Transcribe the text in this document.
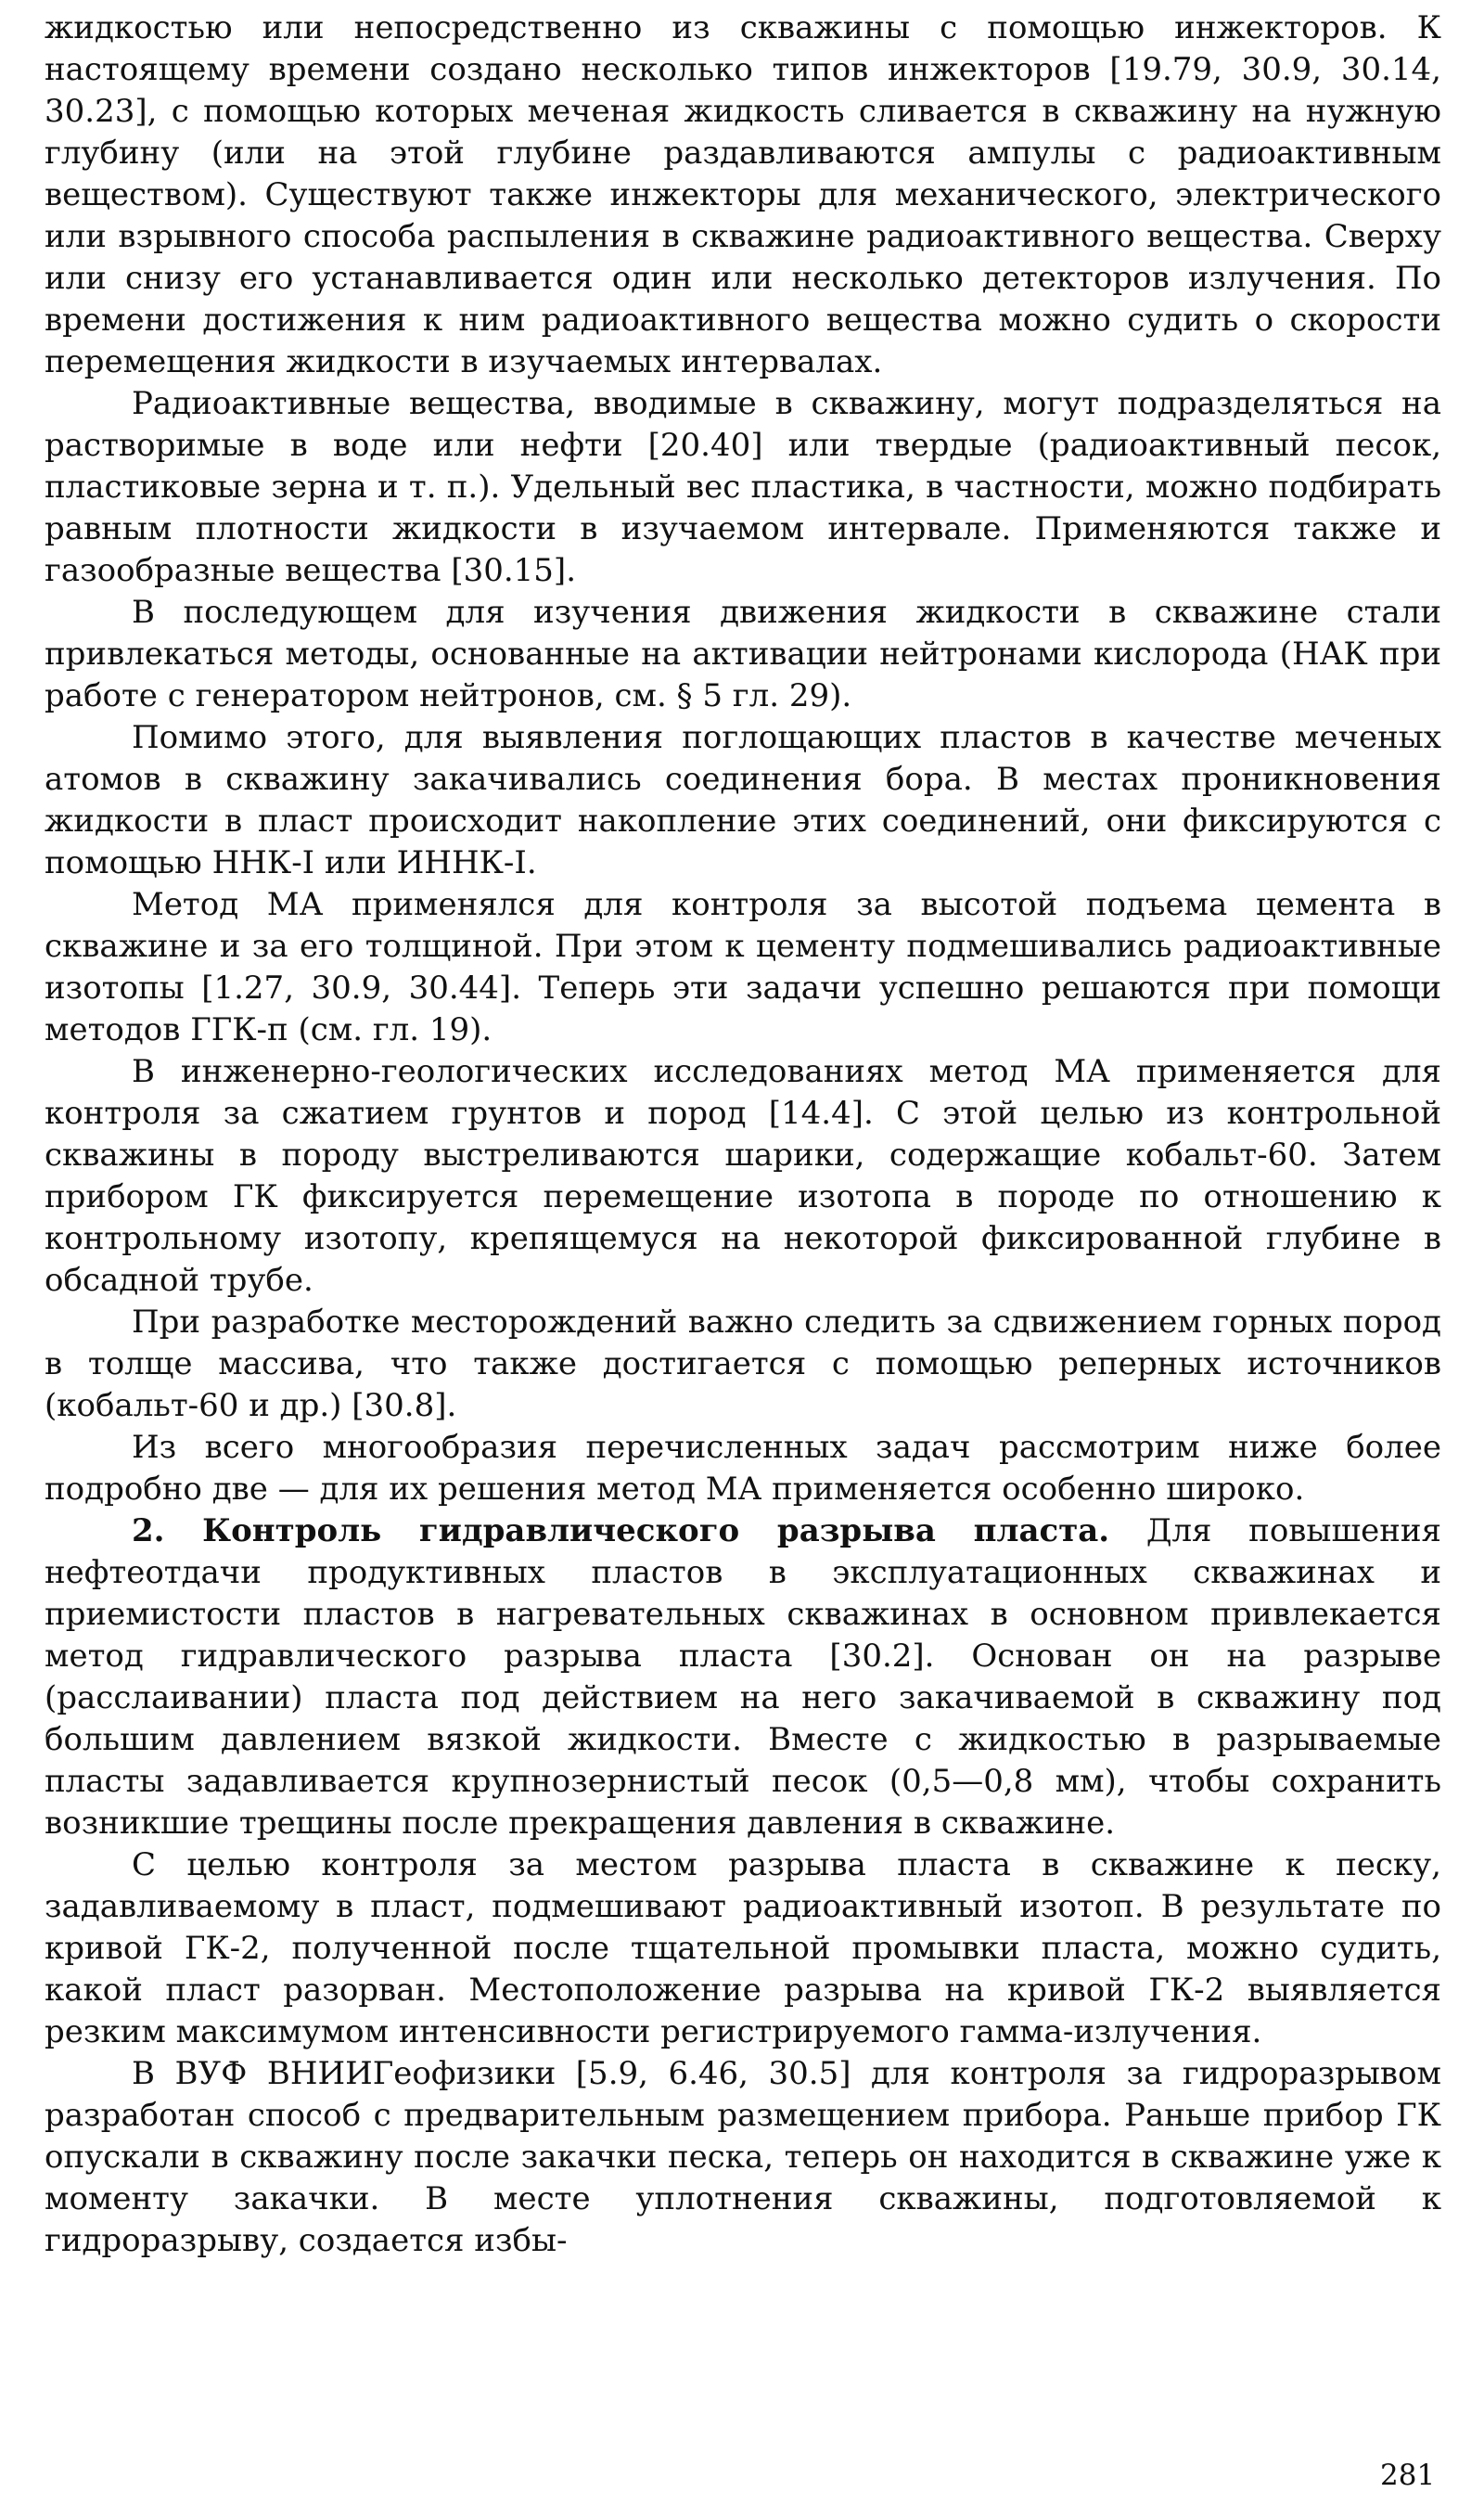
жидкостью или непосредственно из скважины с помощью инжекторов. К настоящему времени создано несколько типов инжекторов [19.79, 30.9, 30.14, 30.23], с помощью которых меченая жидкость сливается в скважину на нужную глубину (или на этой глубине раздавливаются ампулы с радиоактивным веществом). Существуют также инжекторы для механического, электрического или взрывного способа распыления в скважине радиоактивного вещества. Сверху или снизу его устанавливается один или несколько детекторов излучения. По времени достижения к ним радиоактивного вещества можно судить о скорости перемещения жидкости в изучаемых интервалах.

Радиоактивные вещества, вводимые в скважину, могут подразделяться на растворимые в воде или нефти [20.40] или твердые (радиоактивный песок, пластиковые зерна и т. п.). Удельный вес пластика, в частности, можно подбирать равным плотности жидкости в изучаемом интервале. Применяются также и газообразные вещества [30.15].

В последующем для изучения движения жидкости в скважине стали привлекаться методы, основанные на активации нейтронами кислорода (НАК при работе с генератором нейтронов, см. § 5 гл. 29).

Помимо этого, для выявления поглощающих пластов в качестве меченых атомов в скважину закачивались соединения бора. В местах проникновения жидкости в пласт происходит накопление этих соединений, они фиксируются с помощью ННК-I или ИННК-I.

Метод МА применялся для контроля за высотой подъема цемента в скважине и за его толщиной. При этом к цементу подмешивались радиоактивные изотопы [1.27, 30.9, 30.44]. Теперь эти задачи успешно решаются при помощи методов ГГК-п (см. гл. 19).

В инженерно-геологических исследованиях метод МА применяется для контроля за сжатием грунтов и пород [14.4]. С этой целью из контрольной скважины в породу выстреливаются шарики, содержащие кобальт-60. Затем прибором ГК фиксируется перемещение изотопа в породе по отношению к контрольному изотопу, крепящемуся на некоторой фиксированной глубине в обсадной трубе.

При разработке месторождений важно следить за сдвижением горных пород в толще массива, что также достигается с помощью реперных источников (кобальт-60 и др.) [30.8].

Из всего многообразия перечисленных задач рассмотрим ниже более подробно две — для их решения метод МА применяется особенно широко.

2. Контроль гидравлического разрыва пласта. Для повышения нефтеотдачи продуктивных пластов в эксплуатационных скважинах и приемистости пластов в нагревательных скважинах в основном привлекается метод гидравлического разрыва пласта [30.2]. Основан он на разрыве (расслаивании) пласта под действием на него закачиваемой в скважину под большим давлением вязкой жидкости. Вместе с жидкостью в разрываемые пласты задавливается крупнозернистый песок (0,5—0,8 мм), чтобы сохранить возникшие трещины после прекращения давления в скважине.

С целью контроля за местом разрыва пласта в скважине к песку, задавливаемому в пласт, подмешивают радиоактивный изотоп. В результате по кривой ГК-2, полученной после тщательной промывки пласта, можно судить, какой пласт разорван. Местоположение разрыва на кривой ГК-2 выявляется резким максимумом интенсивности регистрируемого гамма-излучения.

В ВУФ ВНИИГеофизики [5.9, 6.46, 30.5] для контроля за гидроразрывом разработан способ с предварительным размещением прибора. Раньше прибор ГК опускали в скважину после закачки песка, теперь он находится в скважине уже к моменту закачки. В месте уплотнения скважины, подготовляемой к гидроразрыву, создается избы-

281
